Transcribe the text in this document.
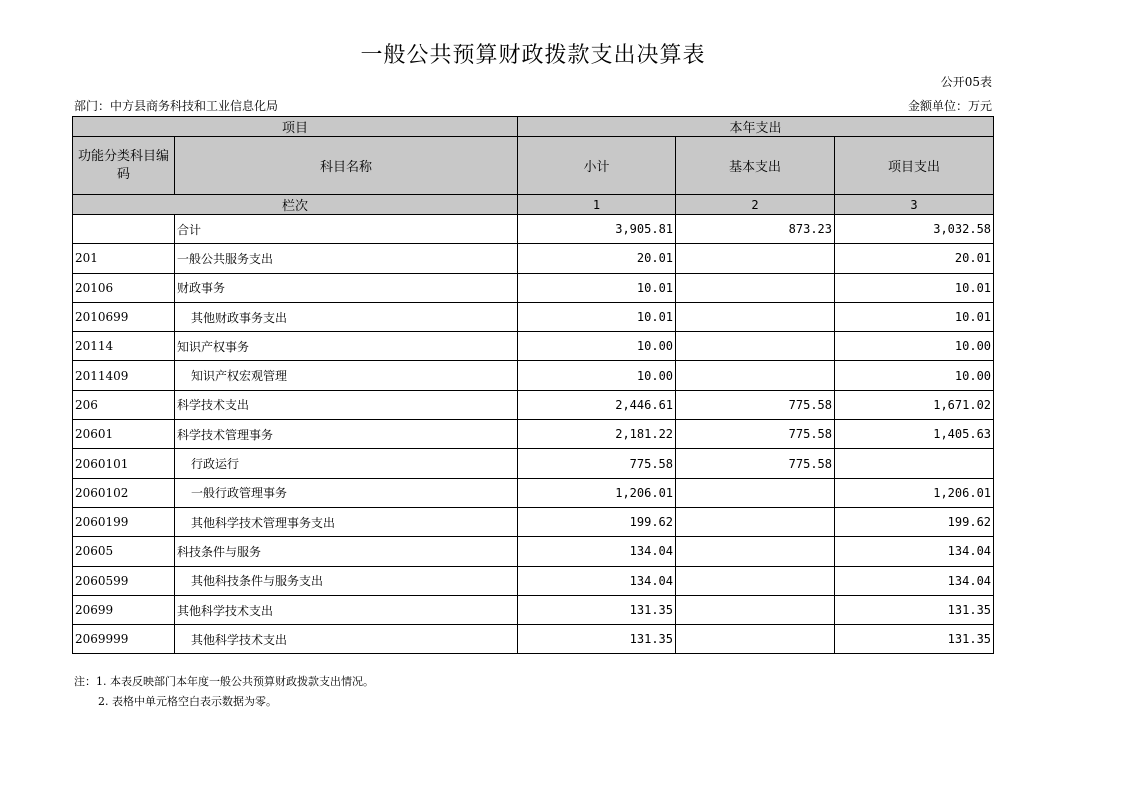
一般公共预算财政拨款支出决算表
公开05表
部门：中方县商务科技和工业信息化局	金额单位：万元
项目		本年支出		
功能分类科目编码	科目名称	小计	基本支出	项目支出
栏次		1	2	3
	合计	3,905.81	873.23	3,032.58
201	一般公共服务支出	20.01		20.01
20106	财政事务	10.01		10.01
2010699	其他财政事务支出	10.01		10.01
20114	知识产权事务	10.00		10.00
2011409	知识产权宏观管理	10.00		10.00
206	科学技术支出	2,446.61	775.58	1,671.02
20601	科学技术管理事务	2,181.22	775.58	1,405.63
2060101	行政运行	775.58	775.58	
2060102	一般行政管理事务	1,206.01		1,206.01
2060199	其他科学技术管理事务支出	199.62		199.62
20605	科技条件与服务	134.04		134.04
2060599	其他科技条件与服务支出	134.04		134.04
20699	其他科学技术支出	131.35		131.35
2069999	其他科学技术支出	131.35		131.35
注：1. 本表反映部门本年度一般公共预算财政拨款支出情况。
2. 表格中单元格空白表示数据为零。
